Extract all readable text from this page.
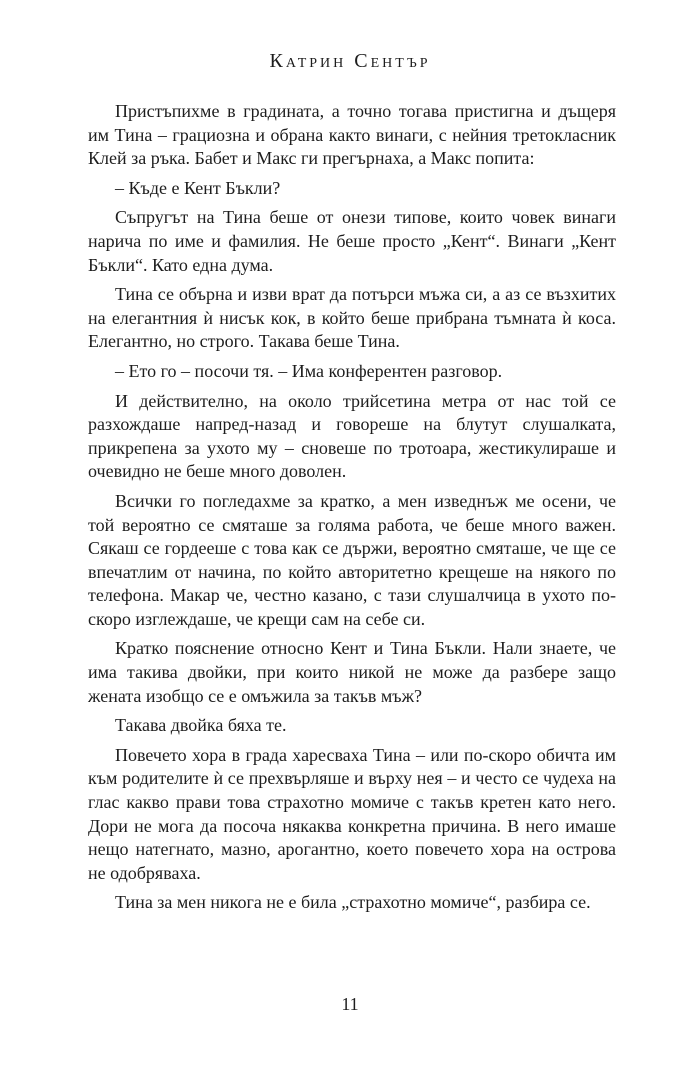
Катрин Сентър

Пристъпихме в градината, а точно тогава пристигна и дъщеря им Тина – грациозна и обрана както винаги, с нейния третокласник Клей за ръка. Бабет и Макс ги прегърнаха, а Макс попита:

– Къде е Кент Бъкли?

Съпругът на Тина беше от онези типове, които човек винаги нарича по име и фамилия. Не беше просто „Кент“. Винаги „Кент Бъкли“. Като една дума.

Тина се обърна и изви врат да потърси мъжа си, а аз се възхитих на елегантния ѝ нисък кок, в който беше прибрана тъмната ѝ коса. Елегантно, но строго. Такава беше Тина.

– Ето го – посочи тя. – Има конферентен разговор.

И действително, на около трийсетина метра от нас той се разхождаше напред-назад и говореше на блутут слушалката, прикрепена за ухото му – сновеше по тротоара, жестикулираше и очевидно не беше много доволен.

Всички го погледахме за кратко, а мен изведнъж ме осени, че той вероятно се смяташе за голяма работа, че беше много важен. Сякаш се гордееше с това как се държи, вероятно смяташе, че ще се впечатлим от начина, по който авторитетно крещеше на някого по телефона. Макар че, честно казано, с тази слушалчица в ухото по-скоро изглеждаше, че крещи сам на себе си.

Кратко пояснение относно Кент и Тина Бъкли. Нали знаете, че има такива двойки, при които никой не може да разбере защо жената изобщо се е омъжила за такъв мъж?

Такава двойка бяха те.

Повечето хора в града харесваха Тина – или по-скоро обичта им към родителите ѝ се прехвърляше и върху нея – и често се чудеха на глас какво прави това страхотно момиче с такъв кретен като него. Дори не мога да посоча някаква конкретна причина. В него имаше нещо натегнато, мазно, арогантно, което повечето хора на острова не одобряваха.

Тина за мен никога не е била „страхотно момиче“, разбира се.

11
